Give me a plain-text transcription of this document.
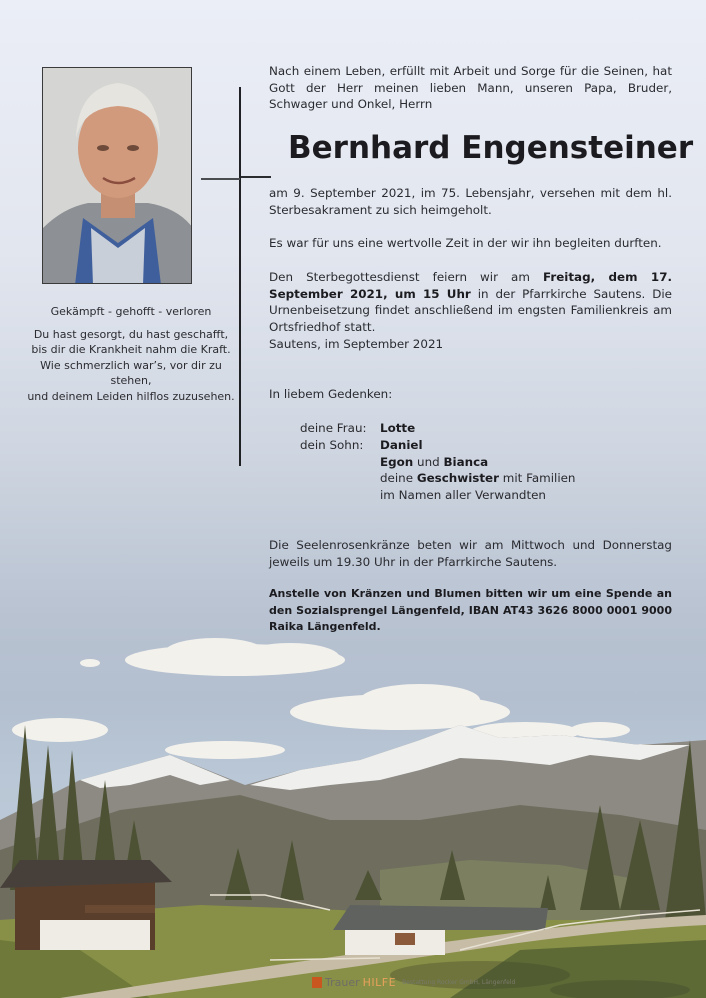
Gekämpft - gehofft - verloren
Du hast gesorgt, du hast geschafft,
bis dir die Krankheit nahm die Kraft.
Wie schmerzlich war’s, vor dir zu stehen,
und deinem Leiden hilflos zuzusehen.
Nach einem Leben, erfüllt mit Arbeit und Sorge für die Seinen, hat Gott der Herr meinen lieben Mann, unseren Papa, Bruder, Schwager und Onkel, Herrn
Bernhard Engensteiner
am 9. September 2021, im 75. Lebensjahr, versehen mit dem hl. Sterbesakrament zu sich heimgeholt.
Es war für uns eine wertvolle Zeit in der wir ihn begleiten durften.
Den Sterbegottesdienst feiern wir am Freitag, dem 17. September 2021, um 15 Uhr in der Pfarrkirche Sautens. Die Urnenbeisetzung findet anschließend im engsten Familienkreis am Ortsfriedhof statt.
Sautens, im September 2021
In liebem Gedenken:
deine Frau:	Lotte
dein Sohn:	Daniel
Egon und Bianca
deine Geschwister mit Familien
im Namen aller Verwandten
Die Seelenrosenkränze beten wir am Mittwoch und Donnerstag jeweils um 19.30 Uhr in der Pfarrkirche Sautens.
Anstelle von Kränzen und Blumen bitten wir um eine Spende an den Sozialsprengel Längenfeld, IBAN AT43 3626 8000 0001 9000 Raika Längenfeld.
Trauer HILFE Bestattung Rocker GmbH, Längenfeld
